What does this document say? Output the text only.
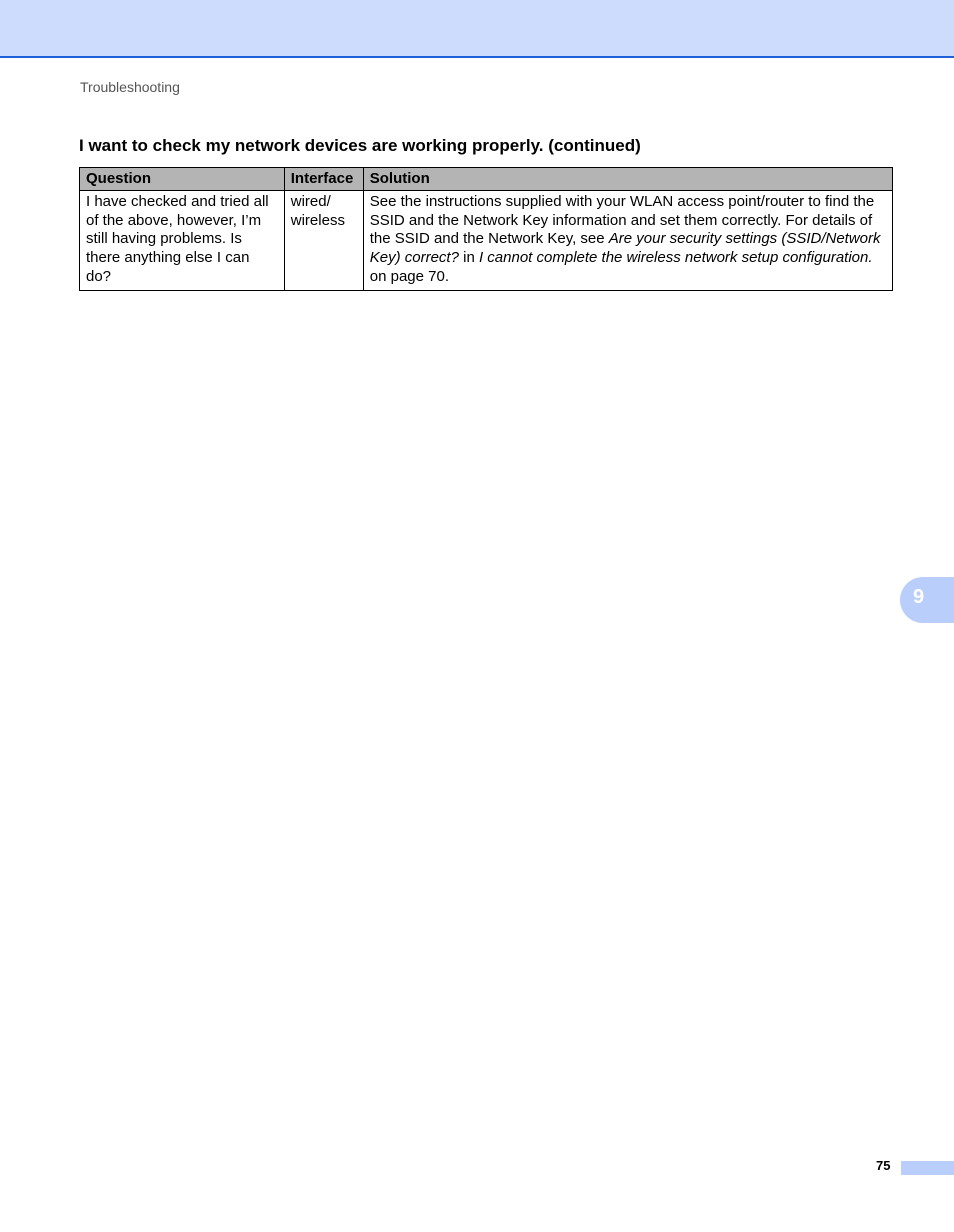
Troubleshooting
I want to check my network devices are working properly. (continued)
Question	Interface	Solution
I have checked and tried all of the above, however, I’m still having problems. Is there anything else I can do?	wired/ wireless	See the instructions supplied with your WLAN access point/router to find the SSID and the Network Key information and set them correctly. For details of the SSID and the Network Key, see Are your security settings (SSID/Network Key) correct? in I cannot complete the wireless network setup configuration. on page 70.
9
75
